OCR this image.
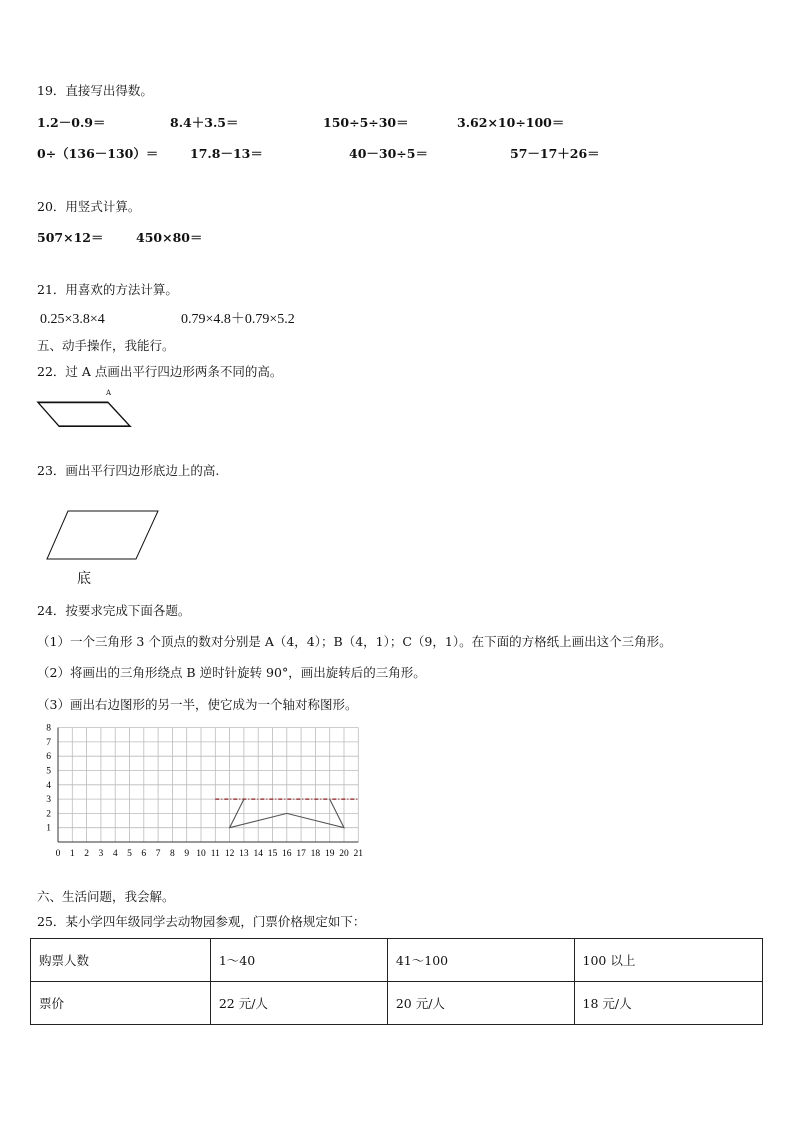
19．直接写出得数。
1.2－0.9＝	8.4＋3.5＝	150÷5÷30＝	3.62×10÷100＝
0÷（136－130）＝	17.8－13＝	40－30÷5＝	57－17＋26＝
20．用竖式计算。
507×12＝	450×80＝
21．用喜欢的方法计算。
0.25×3.8×4	0.79×4.8＋0.79×5.2
五、动手操作，我能行。
22．过 A 点画出平行四边形两条不同的高。
A
23．画出平行四边形底边上的高.
底
24．按要求完成下面各题。
（1）一个三角形 3 个顶点的数对分别是 A（4，4）；B（4，1）；C（9，1）。在下面的方格纸上画出这个三角形。
（2）将画出的三角形绕点 B 逆时针旋转 90°，画出旋转后的三角形。
（3）画出右边图形的另一半，使它成为一个轴对称图形。
0 1 2 3 4 5 6 7 8 9 10 11 12 13 14 15 16 17 18 19 20 21
1
2
3
4
5
6
7
8
六、生活问题，我会解。
25．某小学四年级同学去动物园参观，门票价格规定如下：
购票人数	1～40	41～100	100 以上
票价	22 元/人	20 元/人	18 元/人
